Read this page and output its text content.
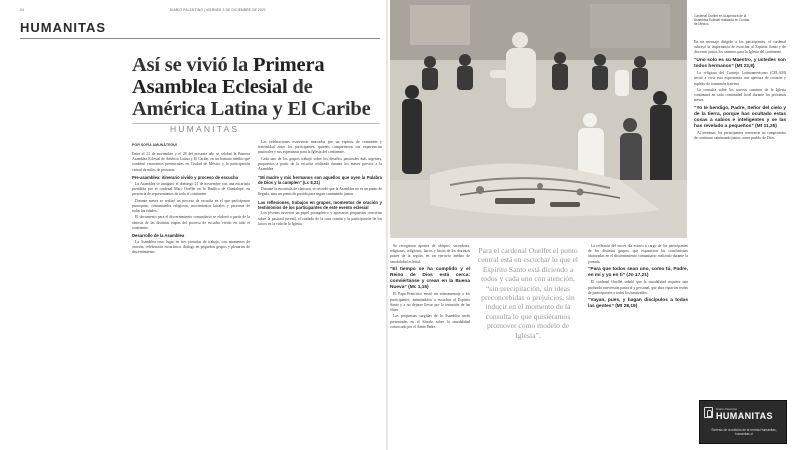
24	DIARIO PALENTINO | VIERNES 3 DE DICIEMBRE DE 2021
HUMANITAS
Así se vivió la Primera Asamblea Eclesial de América Latina y El Caribe
HUMANITAS
POR SOFÍA AMUNÁTEGUI

Entre el 21 de noviembre y el 28 del presente año se celebró la Primera Asamblea Eclesial de América Latina y El Caribe, en un formato inédito que combinó encuentros presenciales en Ciudad de México y la participación virtual de miles de personas.

Pre-asamblea: itinerario vivido y proceso de escucha

La Asamblea se inauguró el domingo 21 de noviembre con una eucaristía presidida por el cardenal Marc Ouellet en la Basílica de Guadalupe, en presencia de representantes de todo el continente.

Durante meses se realizó un proceso de escucha en el que participaron parroquias, comunidades religiosas, movimientos laicales y personas de todas las edades.

El documento para el discernimiento comunitario se elaboró a partir de la síntesis de las distintas etapas del proceso de escucha vivido en todo el continente.

Desarrollo de la Asamblea

La Asamblea tuvo lugar en tres jornadas de trabajo, con momentos de oración, celebración eucarística, diálogo en pequeños grupos y plenarios de discernimiento.

Las celebraciones estuvieron marcadas por un espíritu de comunión y fraternidad entre los participantes, quienes compartieron sus experiencias pastorales y sus esperanzas para la Iglesia del continente.

Cada uno de los grupos trabajó sobre los desafíos pastorales más urgentes, propuestos a partir de la escucha realizada durante los meses previos a la Asamblea.

“Mi madre y mis hermanos son aquellos que oyen la Palabra de Dios y la cumplen” (Lc 8,21)

Durante la eucaristía de clausura, se recordó que la Asamblea no es un punto de llegada, sino un punto de partida para seguir caminando juntos.

Las reflexiones, trabajos en grupos, momentos de oración y testimonios de los participantes de este evento eclesial

Los jóvenes tuvieron un papel protagónico y aportaron propuestas concretas sobre la pastoral juvenil, el cuidado de la casa común y la participación de los laicos en la vida de la Iglesia.

Se recogieron aportes de obispos, sacerdotes, religiosas, religiosos, laicos y laicas de los distintos países de la región, en un ejercicio inédito de sinodalidad eclesial.

“El tiempo se ha cumplido y el Reino de Dios está cerca: conviértanse y crean en la Buena Nueva” (Mc 1,15)

El Papa Francisco envió un videomensaje a los participantes, animándolos a escuchar al Espíritu Santo y a no dejarse llevar por la tentación de las élites.

Las propuestas surgidas de la Asamblea serán presentadas en el Sínodo sobre la sinodalidad convocado por el Santo Padre.

Para el cardenal Ouellet el punto central está en escuchar lo que el Espíritu Santo está diciendo a todos y cada uno con atención, “sin precipitación, sin ideas preconcebidas o prejuicios, sin inducir en el momento de la consulta lo que quisiéramos promover como modelo de Iglesia”.

La reflexión del tercer día estuvo a cargo de los participantes de los distintos grupos, que expusieron las conclusiones alcanzadas en el discernimiento comunitario realizado durante la jornada.

“Para que todos sean uno, como tú, Padre, en mí y yo en ti” (Jn 17,21)

El cardenal Ouellet señaló que la sinodalidad requiere una profunda conversión pastoral y personal, que abra espacios reales de participación a todos los bautizados.

“Vayan, pues, y hagan discípulos a todas las gentes” (Mt 28,19)

Cardenal Ouellet en la apertura de la Asamblea Eclesial realizada en Ciudad de México.

En un mensaje dirigido a los participantes, el cardenal subrayó la importancia de escuchar al Espíritu Santo y de discernir juntos los caminos para la Iglesia del continente.

“Uno solo es su Maestro, y ustedes son todos hermanos” (Mt 23,8)

La religiosa del Consejo Latinoamericano (CELAM) invitó a vivir esta experiencia con apertura de corazón y espíritu de comunión fraterna.

La consulta sobre los nuevos caminos de la Iglesia continuará en cada comunidad local durante los próximos meses.

“Yo te bendigo, Padre, Señor del cielo y de la tierra, porque has ocultado estas cosas a sabios e inteligentes y se las has revelado a pequeños” (Mt 11,25)

Al terminar, los participantes renovaron su compromiso de continuar caminando juntos como pueblo de Dios.

Diario Palentino
HUMANITAS
Síntesis de la edición de la revista Humanitas, humanitas.cl
